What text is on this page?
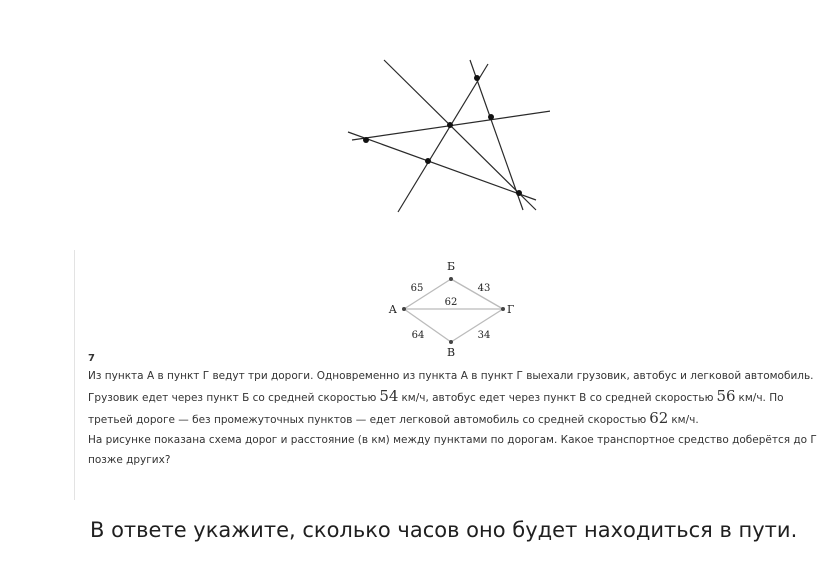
Б
А	Г
В
65	43
62
64	34
7
Из пункта А в пункт Г ведут три дороги. Одновременно из пункта А в пункт Г выехали грузовик, автобус и легковой автомобиль. Грузовик едет через пункт Б со средней скоростью 54 км/ч, автобус едет через пункт В со средней скоростью 56 км/ч. По третьей дороге — без промежуточных пунктов — едет легковой автомобиль со средней скоростью 62 км/ч.
На рисунке показана схема дорог и расстояние (в км) между пунктами по дорогам. Какое транспортное средство доберётся до Г позже других?
В ответе укажите, сколько часов оно будет находиться в пути.
